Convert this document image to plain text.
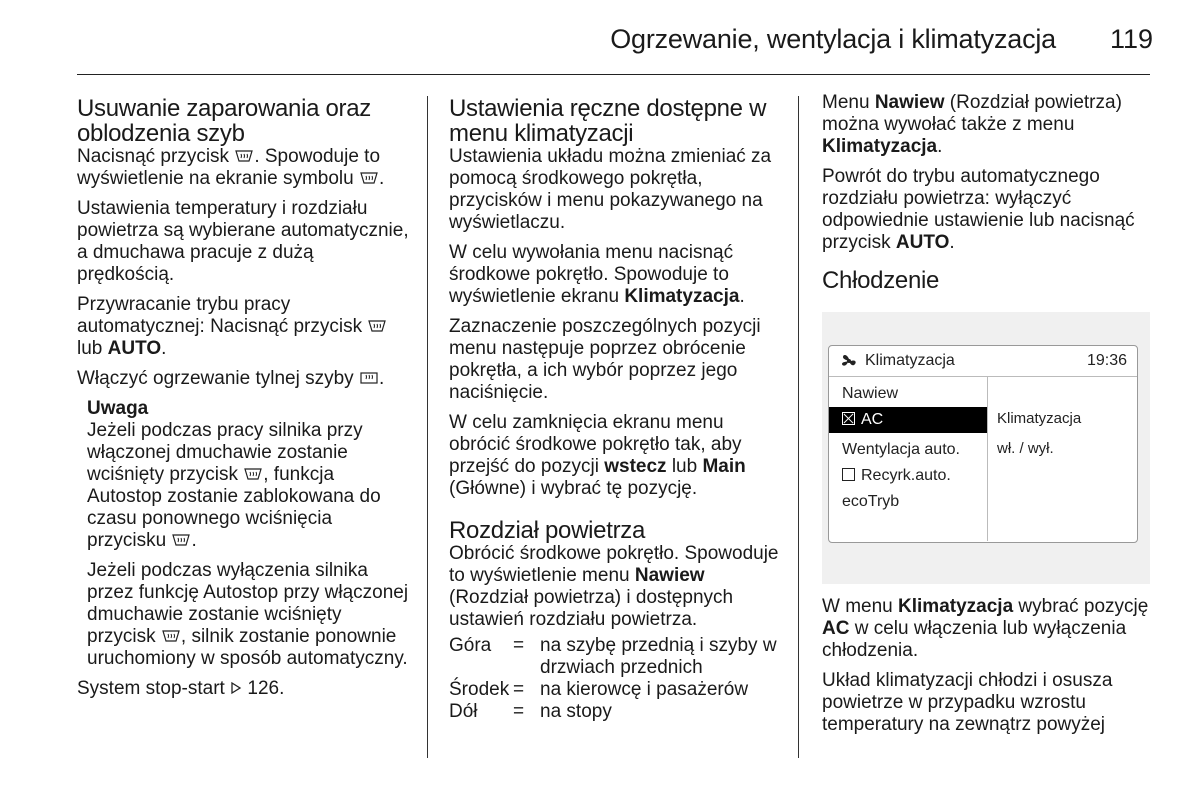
Ogrzewanie, wentylacja i klimatyzacja 119
Usuwanie zaparowania oraz oblodzenia szyb

Nacisnąć przycisk
. Spowoduje to wyświetlenie na ekranie symbolu
.

Ustawienia temperatury i rozdziału powietrza są wybierane automatycznie, a dmuchawa pracuje z dużą prędkością.

Przywracanie trybu pracy automatycznej: Nacisnąć przycisk
lub AUTO.

Włączyć ogrzewanie tylnej szyby
.

Uwaga

Jeżeli podczas pracy silnika przy włączonej dmuchawie zostanie wciśnięty przycisk
, funkcja Autostop zostanie zablokowana do czasu ponownego wciśnięcia przycisku
.

Jeżeli podczas wyłączenia silnika przez funkcję Autostop przy włączonej dmuchawie zostanie wciśnięty przycisk
, silnik zostanie ponownie uruchomiony w sposób automatyczny.

System stop-start  126.

Ustawienia ręczne dostępne w menu klimatyzacji

Ustawienia układu można zmieniać za pomocą środkowego pokrętła, przycisków i menu pokazywanego na wyświetlaczu.

W celu wywołania menu nacisnąć środkowe pokrętło. Spowoduje to wyświetlenie ekranu Klimatyzacja.

Zaznaczenie poszczególnych pozycji menu następuje poprzez obrócenie pokrętła, a ich wybór poprzez jego naciśnięcie.

W celu zamknięcia ekranu menu obrócić środkowe pokrętło tak, aby przejść do pozycji wstecz lub Main (Główne) i wybrać tę pozycję.

Rozdział powietrza

Obrócić środkowe pokrętło. Spowoduje to wyświetlenie menu Nawiew (Rozdział powietrza) i dostępnych ustawień rozdziału powietrza.

Góra	=	na szybę przednią i szyby w drzwiach przednich
Środek	=	na kierowcę i pasażerów
Dół	=	na stopy

Menu Nawiew (Rozdział powietrza) można wywołać także z menu Klimatyzacja.

Powrót do trybu automatycznego rozdziału powietrza: wyłączyć odpowiednie ustawienie lub nacisnąć przycisk AUTO.

Chłodzenie
Klimatyzacja	19:36
Nawiew
AC
Wentylacja auto.
Recyrk.auto.
ecoTryb
Klimatyzacja
wł. / wył.

W menu Klimatyzacja wybrać pozycję AC w celu włączenia lub wyłączenia chłodzenia.

Układ klimatyzacji chłodzi i osusza powietrze w przypadku wzrostu temperatury na zewnątrz powyżej
